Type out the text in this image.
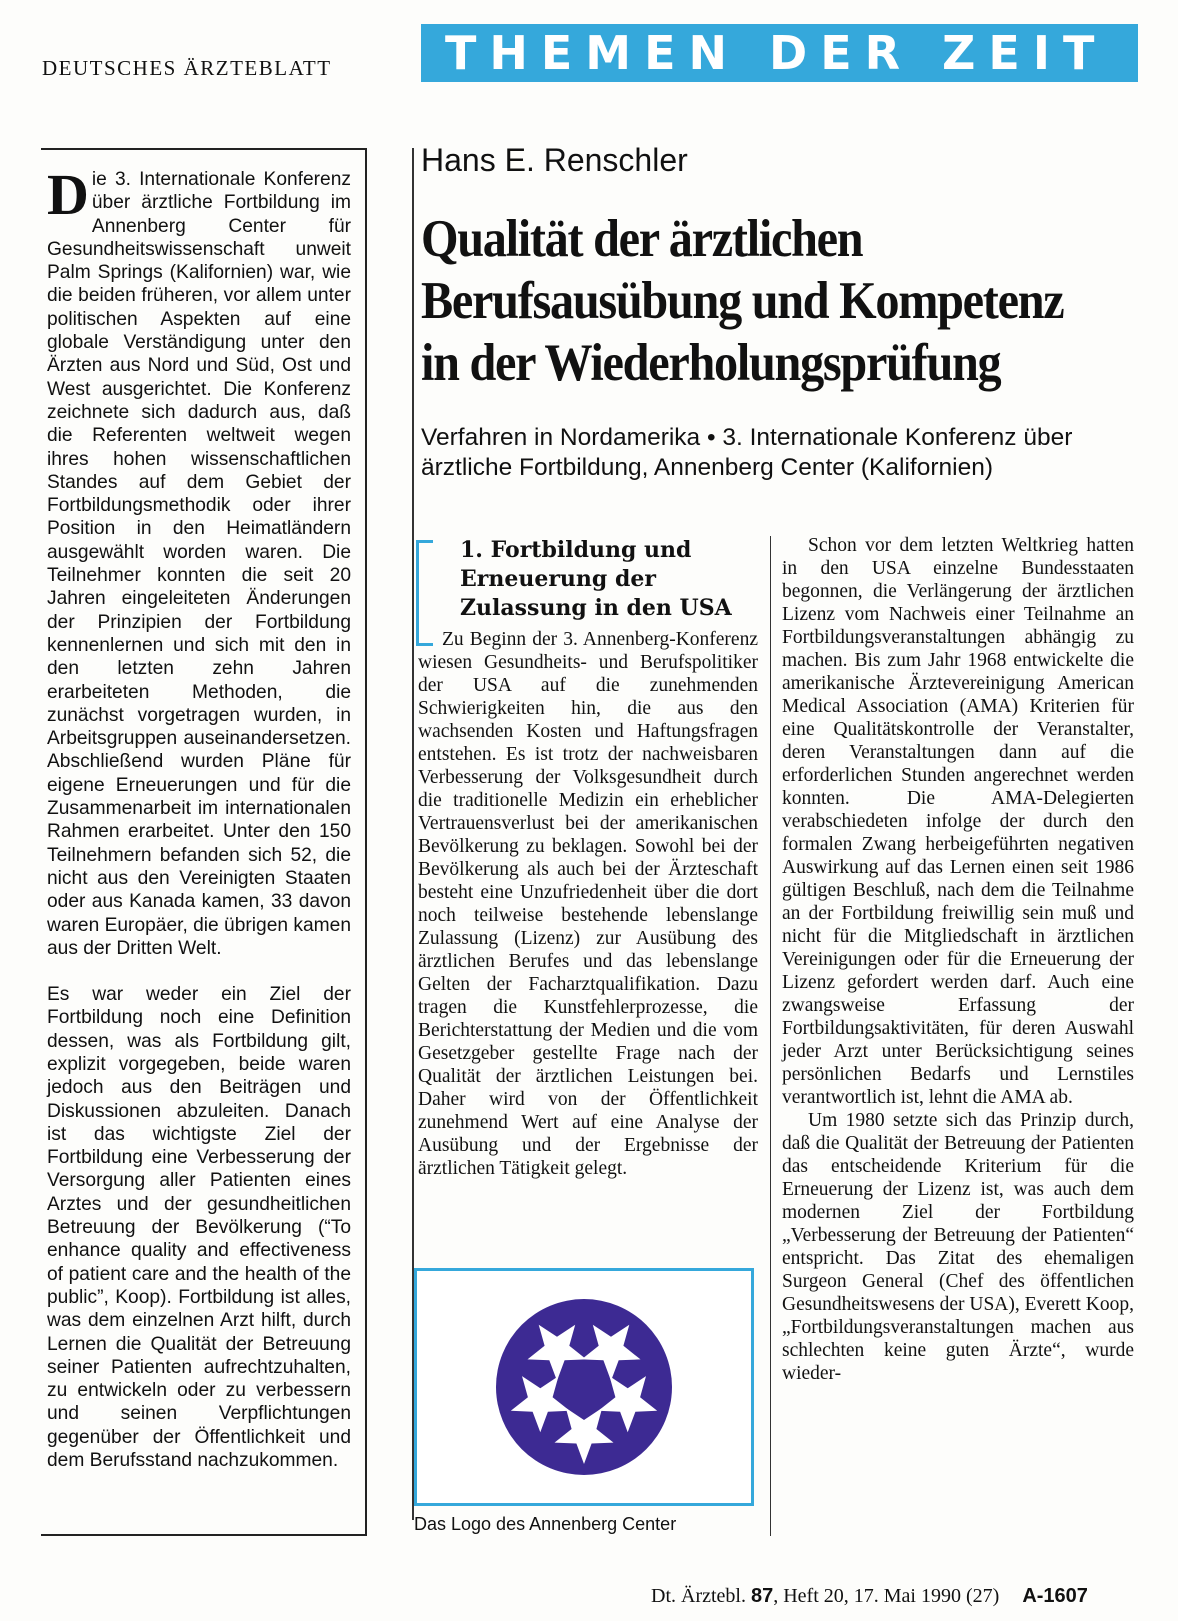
DEUTSCHES ÄRZTEBLATT	THEMEN DER ZEIT

Die 3. Internationale Konferenz über ärztliche Fortbildung im Annenberg Center für Gesundheitswissenschaft unweit Palm Springs (Kalifornien) war, wie die beiden früheren, vor allem unter politischen Aspekten auf eine globale Verständigung unter den Ärzten aus Nord und Süd, Ost und West ausgerichtet. Die Konferenz zeichnete sich dadurch aus, daß die Referenten weltweit wegen ihres hohen wissenschaftlichen Standes auf dem Gebiet der Fortbildungsmethodik oder ihrer Position in den Heimatländern ausgewählt worden waren. Die Teilnehmer konnten die seit 20 Jahren eingeleiteten Änderungen der Prinzipien der Fortbildung kennenlernen und sich mit den in den letzten zehn Jahren erarbeiteten Methoden, die zunächst vorgetragen wurden, in Arbeitsgruppen auseinandersetzen. Abschließend wurden Pläne für eigene Erneuerungen und für die Zusammenarbeit im internationalen Rahmen erarbeitet. Unter den 150 Teilnehmern befanden sich 52, die nicht aus den Vereinigten Staaten oder aus Kanada kamen, 33 davon waren Europäer, die übrigen kamen aus der Dritten Welt.

Es war weder ein Ziel der Fortbildung noch eine Definition dessen, was als Fortbildung gilt, explizit vorgegeben, beide waren jedoch aus den Beiträgen und Diskussionen abzuleiten. Danach ist das wichtigste Ziel der Fortbildung eine Verbesserung der Versorgung aller Patienten eines Arztes und der gesundheitlichen Betreuung der Bevölkerung (“To enhance quality and effectiveness of patient care and the health of the public”, Koop). Fortbildung ist alles, was dem einzelnen Arzt hilft, durch Lernen die Qualität der Betreuung seiner Patienten aufrechtzuhalten, zu entwickeln oder zu verbessern und seinen Verpflichtungen gegenüber der Öffentlichkeit und dem Berufsstand nachzukommen.

Hans E. Renschler
Qualität der ärztlichen
Berufsausübung und Kompetenz
in der Wiederholungsprüfung
Verfahren in Nordamerika • 3. Internationale Konferenz über ärztliche Fortbildung, Annenberg Center (Kalifornien)
1. Fortbildung und Erneuerung der Zulassung in den USA

Zu Beginn der 3. Annenberg-Konferenz wiesen Gesundheits- und Berufspolitiker der USA auf die zunehmenden Schwierigkeiten hin, die aus den wachsenden Kosten und Haftungsfragen entstehen. Es ist trotz der nachweisbaren Verbesserung der Volksgesundheit durch die traditionelle Medizin ein erheblicher Vertrauensverlust bei der amerikanischen Bevölkerung zu beklagen. Sowohl bei der Bevölkerung als auch bei der Ärzteschaft besteht eine Unzufriedenheit über die dort noch teilweise bestehende lebenslange Zulassung (Lizenz) zur Ausübung des ärztlichen Berufes und das lebenslange Gelten der Facharztqualifikation. Dazu tragen die Kunstfehlerprozesse, die Berichterstattung der Medien und die vom Gesetzgeber gestellte Frage nach der Qualität der ärztlichen Leistungen bei. Daher wird von der Öffentlichkeit zunehmend Wert auf eine Analyse der Ausübung und der Ergebnisse der ärztlichen Tätigkeit gelegt.

Schon vor dem letzten Weltkrieg hatten in den USA einzelne Bundesstaaten begonnen, die Verlängerung der ärztlichen Lizenz vom Nachweis einer Teilnahme an Fortbildungsveranstaltungen abhängig zu machen. Bis zum Jahr 1968 entwickelte die amerikanische Ärztevereinigung American Medical Association (AMA) Kriterien für eine Qualitätskontrolle der Veranstalter, deren Veranstaltungen dann auf die erforderlichen Stunden angerechnet werden konnten. Die AMA-Delegierten verabschiedeten infolge der durch den formalen Zwang herbeigeführten negativen Auswirkung auf das Lernen einen seit 1986 gültigen Beschluß, nach dem die Teilnahme an der Fortbildung freiwillig sein muß und nicht für die Mitgliedschaft in ärztlichen Vereinigungen oder für die Erneuerung der Lizenz gefordert werden darf. Auch eine zwangsweise Erfassung der Fortbildungsaktivitäten, für deren Auswahl jeder Arzt unter Berücksichtigung seines persönlichen Bedarfs und Lernstiles verantwortlich ist, lehnt die AMA ab.

Um 1980 setzte sich das Prinzip durch, daß die Qualität der Betreuung der Patienten das entscheidende Kriterium für die Erneuerung der Lizenz ist, was auch dem modernen Ziel der Fortbildung „Verbesserung der Betreuung der Patienten“ entspricht. Das Zitat des ehemaligen Surgeon General (Chef des öffentlichen Gesundheitswesens der USA), Everett Koop, „Fortbildungsveranstaltungen machen aus schlechten keine guten Ärzte“, wurde wieder-

Das Logo des Annenberg Center
Dt. Ärztebl. 87, Heft 20, 17. Mai 1990 (27) A-1607
